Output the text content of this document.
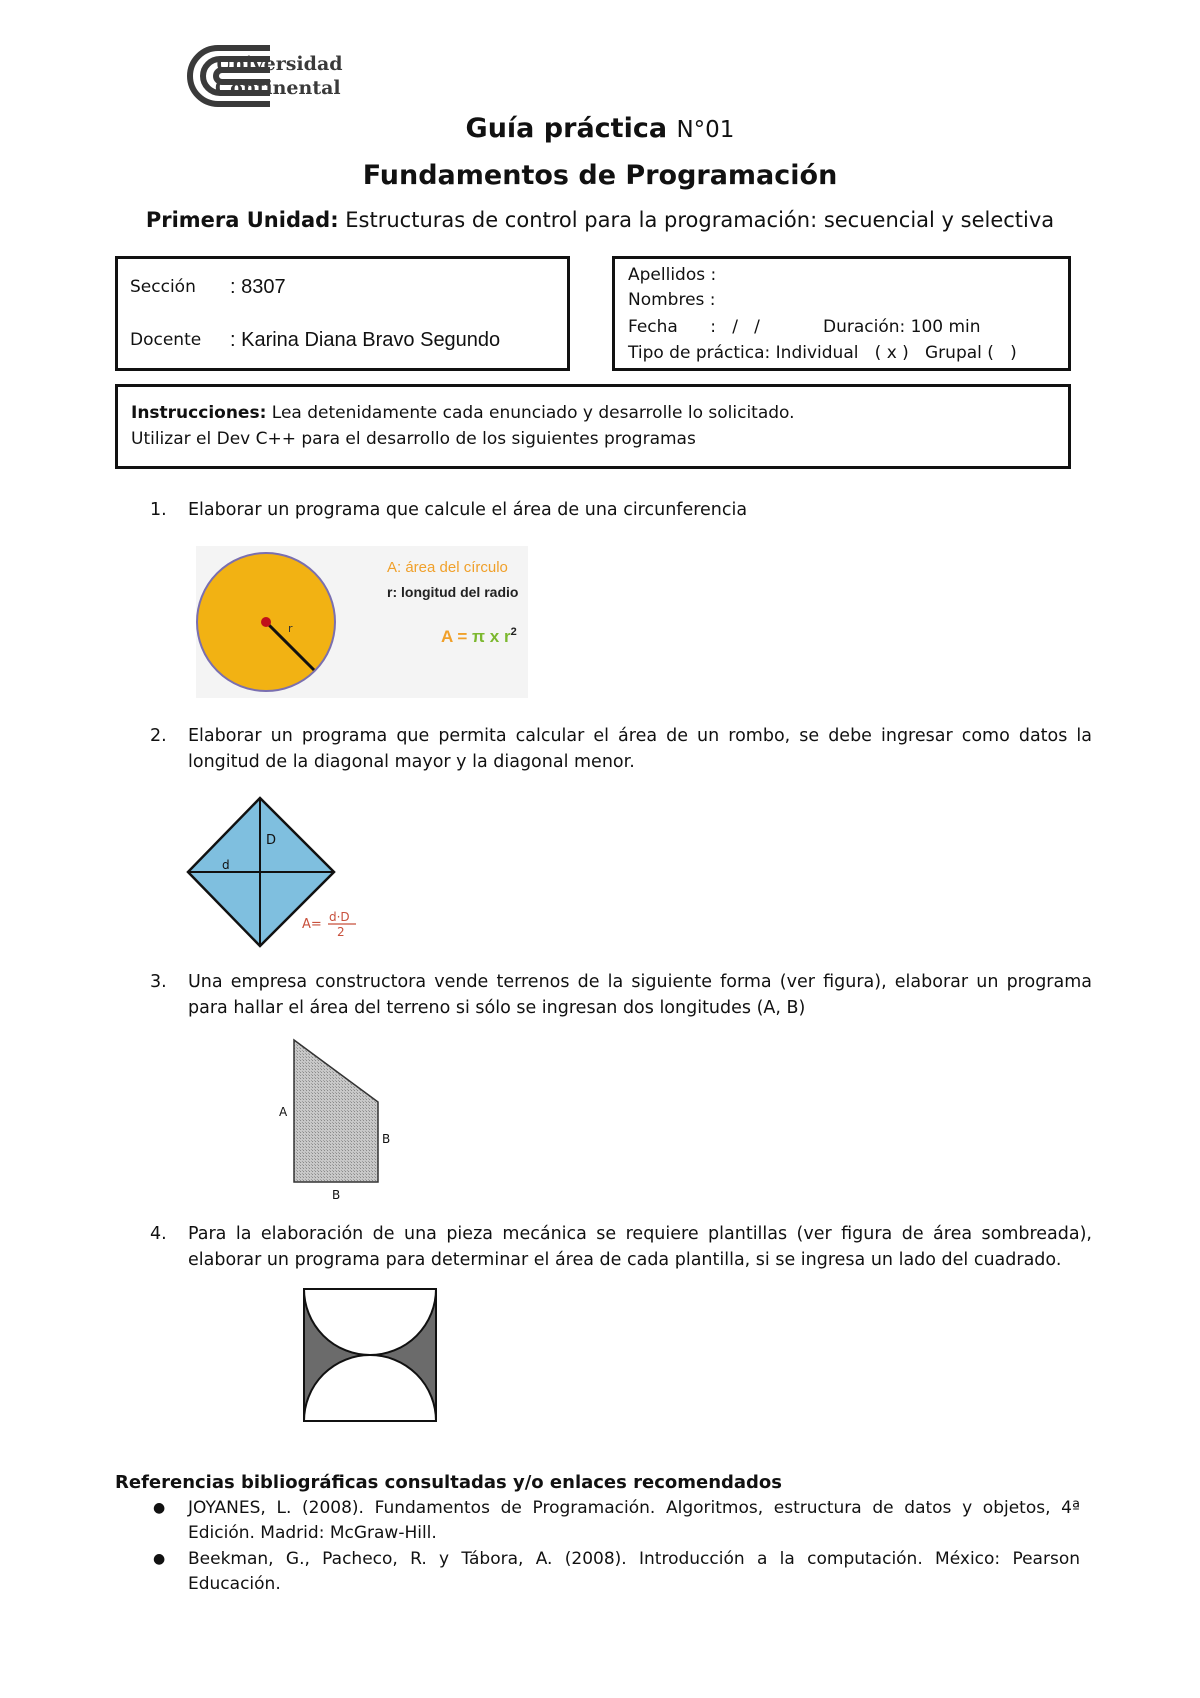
Universidad
Continental
Guía práctica N°01
Fundamentos de Programación
Primera Unidad: Estructuras de control para la programación: secuencial y selectiva
Sección : 8307
Docente : Karina Diana Bravo Segundo
Apellidos :
Nombres :
Fecha      :   /   /	Duración: 100 min
Tipo de práctica: Individual   ( x )   Grupal (   )
Instrucciones: Lea detenidamente cada enunciado y desarrolle lo solicitado.
Utilizar el Dev C++ para el desarrollo de los siguientes programas
1. Elaborar un programa que calcule el área de una circunferencia
r
A: área del círculo
r: longitud del radio
A = π x $r^2$
2. Elaborar un programa que permita calcular el área de un rombo, se debe ingresar como datos la
longitud de la diagonal mayor y la diagonal menor.
D
d
A= d·D
2
3. Una empresa constructora vende terrenos de la siguiente forma (ver figura), elaborar un programa
para hallar el área del terreno si sólo se ingresan dos longitudes (A, B)
A
B
B
4. Para la elaboración de una pieza mecánica se requiere plantillas (ver figura de área sombreada),
elaborar un programa para determinar el área de cada plantilla, si se ingresa un lado del cuadrado.
Referencias bibliográficas consultadas y/o enlaces recomendados
● JOYANES, L. (2008). Fundamentos de Programación. Algoritmos, estructura de datos y objetos, 4ª
Edición. Madrid: McGraw-Hill.
● Beekman, G., Pacheco, R. y Tábora, A. (2008). Introducción a la computación. México: Pearson
Educación.
